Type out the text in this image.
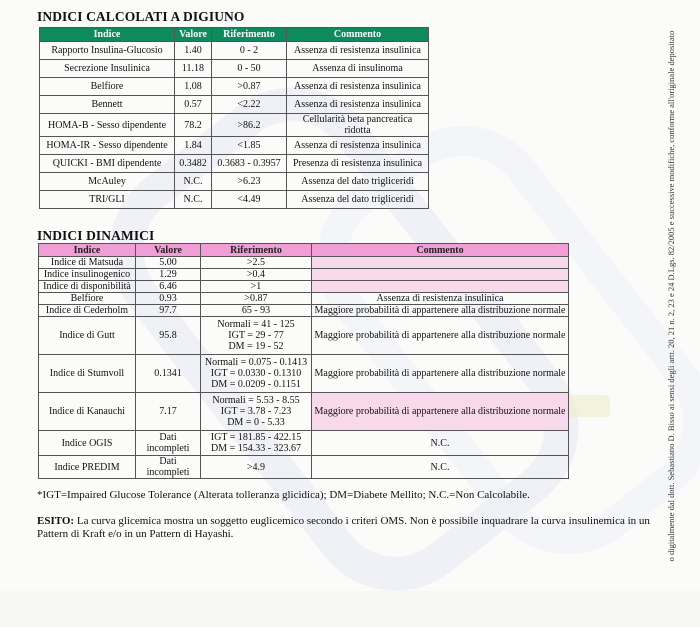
INDICI CALCOLATI A DIGIUNO
Indice	Valore	Riferimento	Commento
Rapporto Insulina-Glucosio	1.40	0 - 2	Assenza di resistenza insulinica
Secrezione Insulinica	11.18	0 - 50	Assenza di insulinoma
Belfiore	1.08	>0.87	Assenza di resistenza insulinica
Bennett	0.57	<2.22	Assenza di resistenza insulinica
HOMA-B - Sesso dipendente	78.2	>86.2	Cellularità beta pancreatica ridotta
HOMA-IR - Sesso dipendente	1.84	<1.85	Assenza di resistenza insulinica
QUICKI - BMI dipendente	0.3482	0.3683 - 0.3957	Presenza di resistenza insulinica
McAuley	N.C.	>6.23	Assenza del dato trigliceridi
TRI/GLI	N.C.	<4.49	Assenza del dato trigliceridi
INDICI DINAMICI
Indice	Valore	Riferimento	Commento
Indice di Matsuda	5.00	>2.5	

Indice insulinogenico	1.29	>0.4	

Indice di disponibilità	6.46	>1	

Belfiore	0.93	>0.87	Assenza di resistenza insulinica
Indice di Cederholm	97.7	65 - 93	Maggiore probabilità di appartenere alla distribuzione normale
Indice di Gutt	95.8	Normali = 41 - 125
IGT = 29 - 77
DM = 19 - 52	Maggiore probabilità di appartenere alla distribuzione normale
Indice di Stumvoll	0.1341	Normali = 0.075 - 0.1413
IGT = 0.0330 - 0.1310
DM = 0.0209 - 0.1151	Maggiore probabilità di appartenere alla distribuzione normale
Indice di Kanauchi	7.17	Normali = 5.53 - 8.55
IGT = 3.78 - 7.23
DM = 0 - 5.33	Maggiore probabilità di appartenere alla distribuzione normale
Indice OGIS	Dati incompleti	IGT = 181.85 - 422.15
DM = 154.33 - 323.67	N.C.
Indice PREDIM	Dati incompleti	>4.9	N.C.
*IGT=Impaired Glucose Tolerance (Alterata tolleranza glicidica); DM=Diabete Mellito; N.C.=Non Calcolabile.
ESITO: La curva glicemica mostra un soggetto euglicemico secondo i criteri OMS. Non è possibile inquadrare la curva insulinemica in un Pattern di Kraft e/o in un Pattern di Hayashi.	o digitalmente dal dott. Sebastiano D. Bisso ai sensi degli artt. 20, 21 n. 2, 23 e 24 D.Lgs. 82/2005 e successive modifiche, conforme all'originale depositato
